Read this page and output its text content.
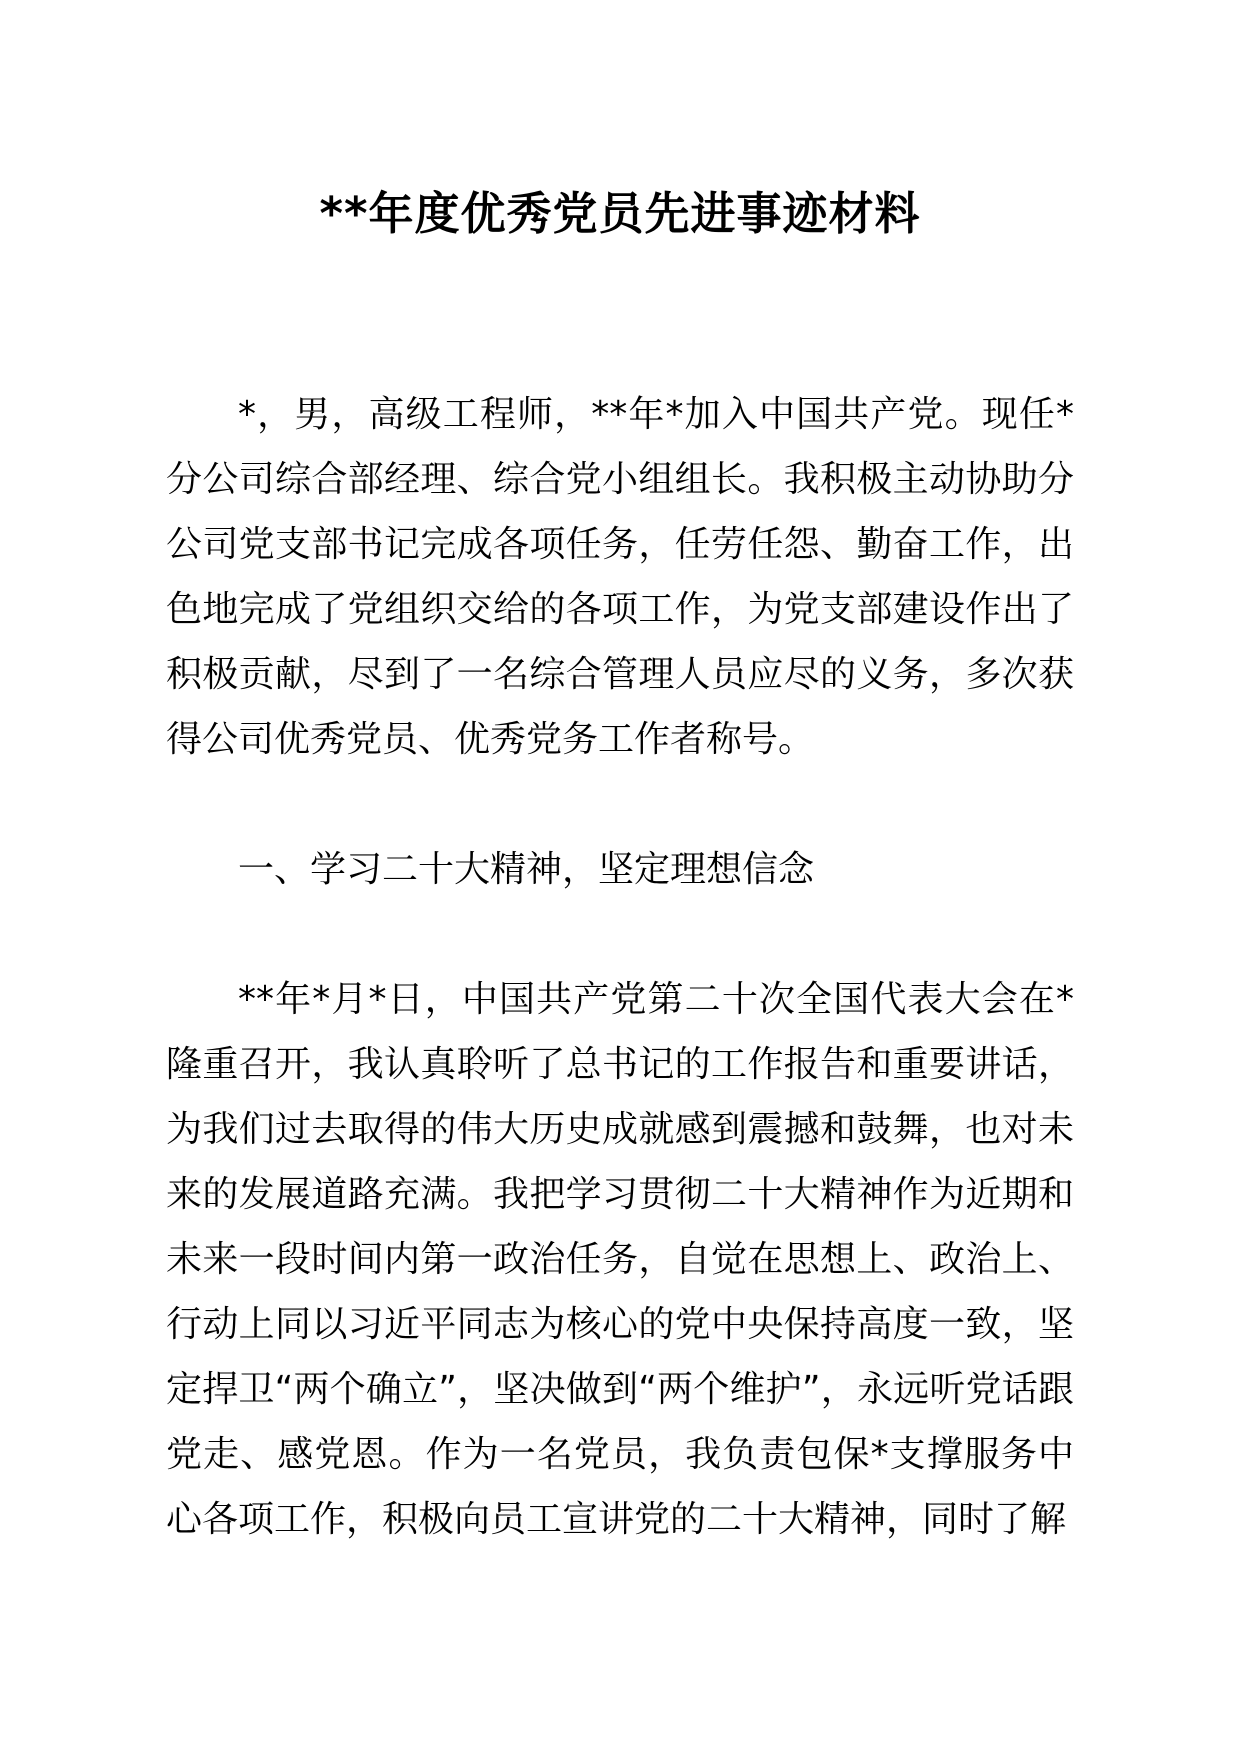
**年度优秀党员先进事迹材料

*，男，高级工程师，**年*加入中国共产党。现任*分公司综合部经理、综合党小组组长。我积极主动协助分公司党支部书记完成各项任务，任劳任怨、勤奋工作，出色地完成了党组织交给的各项工作，为党支部建设作出了积极贡献，尽到了一名综合管理人员应尽的义务，多次获得公司优秀党员、优秀党务工作者称号。

一、学习二十大精神，坚定理想信念

**年*月*日，中国共产党第二十次全国代表大会在*隆重召开，我认真聆听了总书记的工作报告和重要讲话，为我们过去取得的伟大历史成就感到震撼和鼓舞，也对未来的发展道路充满。我把学习贯彻二十大精神作为近期和未来一段时间内第一政治任务，自觉在思想上、政治上、行动上同以习近平同志为核心的党中央保持高度一致，坚定捍卫“两个确立”，坚决做到“两个维护”，永远听党话跟党走、感党恩。作为一名党员，我负责包保*支撑服务中心各项工作，积极向员工宣讲党的二十大精神，同时了解
